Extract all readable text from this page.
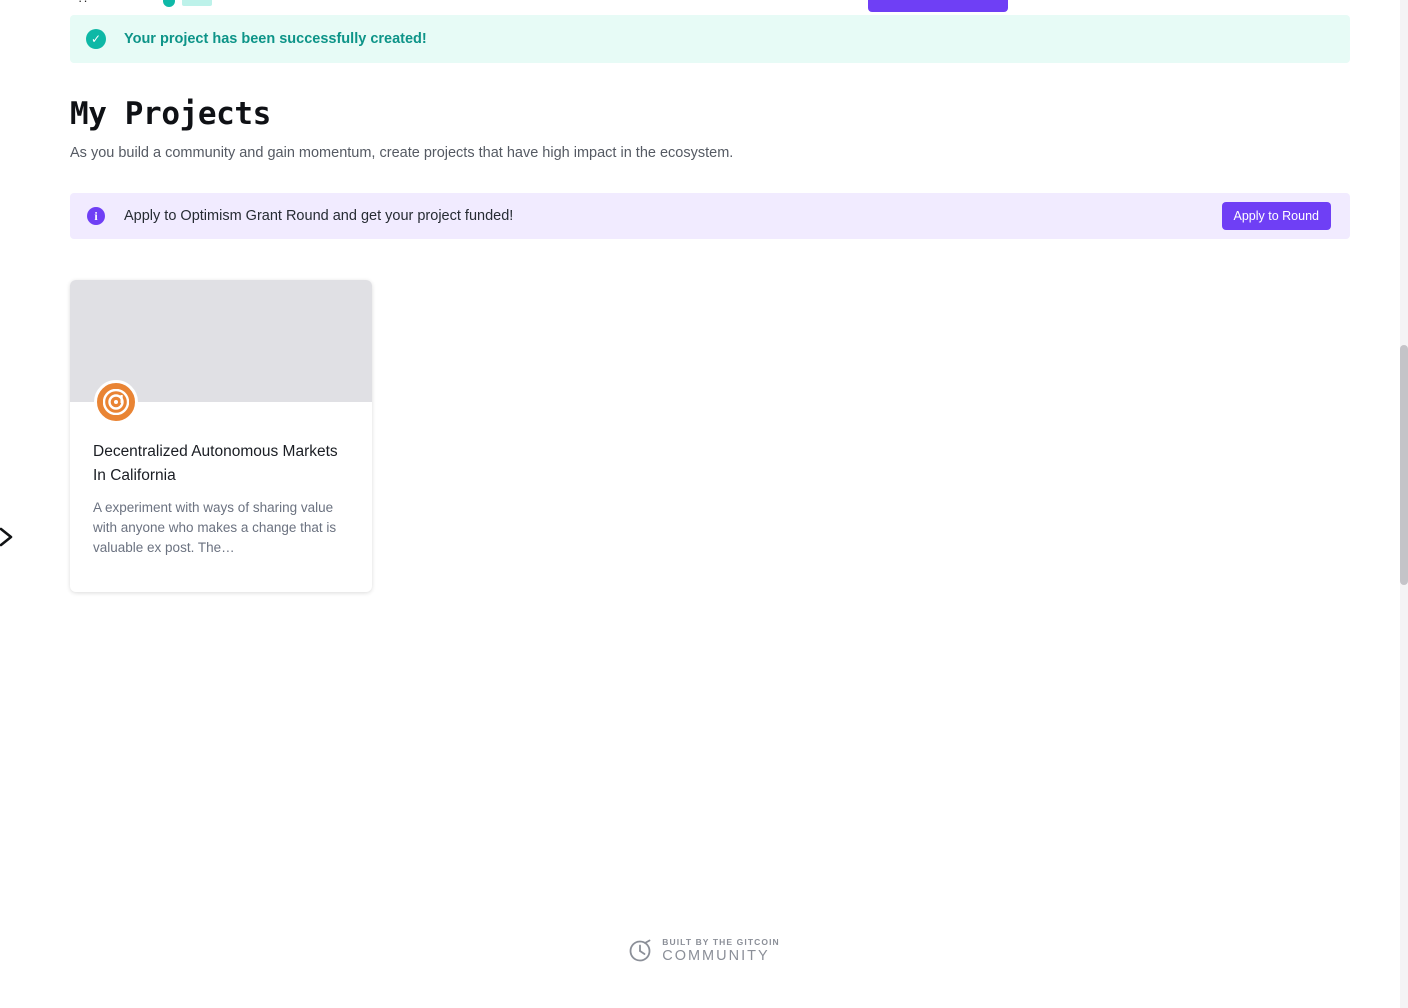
··
✓	Your project has been successfully created!
My Projects
As you build a community and gain momentum, create projects that have high impact in the ecosystem.
i	Apply to Optimism Grant Round and get your project funded!	Apply to Round
Decentralized Autonomous Markets In California
A experiment with ways of sharing value with anyone who makes a change that is valuable ex post. The…
BUILT BY THE GITCOIN
COMMUNITY
